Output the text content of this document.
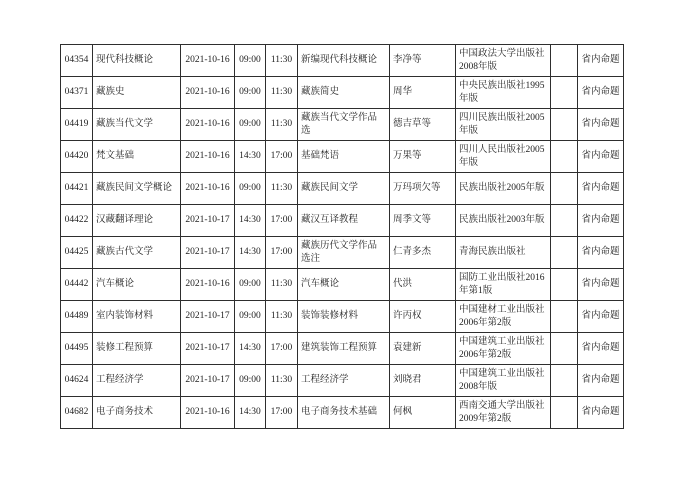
04354	现代科技概论	2021-10-16	09:00	11:30	新编现代科技概论	李净等	中国政法大学出版社2008年版		省内命题
04371	藏族史	2021-10-16	09:00	11:30	藏族简史	周华	中央民族出版社1995年版		省内命题
04419	藏族当代文学	2021-10-16	09:00	11:30	藏族当代文学作品选	德吉草等	四川民族出版社2005年版		省内命题
04420	梵文基础	2021-10-16	14:30	17:00	基础梵语	万果等	四川人民出版社2005年版		省内命题
04421	藏族民间文学概论	2021-10-16	09:00	11:30	藏族民间文学	万玛项欠等	民族出版社2005年版		省内命题
04422	汉藏翻译理论	2021-10-17	14:30	17:00	藏汉互译教程	周季文等	民族出版社2003年版		省内命题
04425	藏族古代文学	2021-10-17	14:30	17:00	藏族历代文学作品选注	仁青多杰	青海民族出版社		省内命题
04442	汽车概论	2021-10-16	09:00	11:30	汽车概论	代洪	国防工业出版社2016年第1版		省内命题
04489	室内装饰材料	2021-10-17	09:00	11:30	装饰装修材料	许丙权	中国建材工业出版社2006年第2版		省内命题
04495	装修工程预算	2021-10-17	14:30	17:00	建筑装饰工程预算	袁建新	中国建筑工业出版社2006年第2版		省内命题
04624	工程经济学	2021-10-17	09:00	11:30	工程经济学	刘晓君	中国建筑工业出版社2008年版		省内命题
04682	电子商务技术	2021-10-16	14:30	17:00	电子商务技术基础	何枫	西南交通大学出版社2009年第2版		省内命题
